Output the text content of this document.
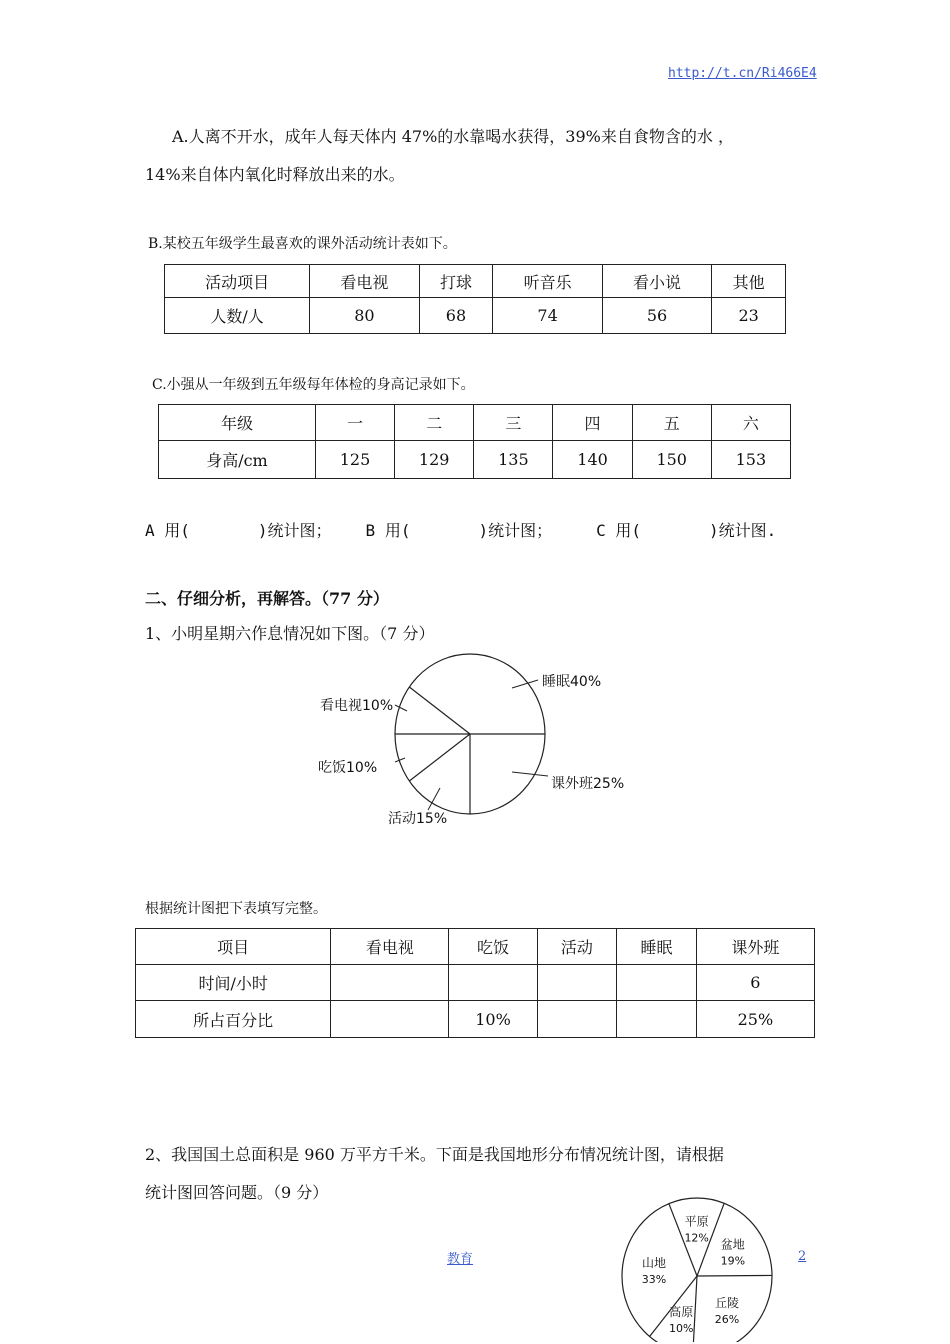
http://t.cn/Ri466E4
A.人离不开水，成年人每天体内 47%的水靠喝水获得，39%来自食物含的水 ，
14%来自体内氧化时释放出来的水。
B.某校五年级学生最喜欢的课外活动统计表如下。
活动项目	看电视	打球	听音乐	看小说	其他
人数/人	80	68	74	56	23
C.小强从一年级到五年级每年体检的身高记录如下。
年级	一	二	三	四	五	六
身高/cm	125	129	135	140	150	153
A 用(	)统计图； B 用(	)统计图；	C 用(	)统计图.
二、仔细分析，再解答。（77 分）
1、小明星期六作息情况如下图。（7 分）
看电视10%
吃饭10%
活动15%
睡眠40%
课外班25%
根据统计图把下表填写完整。
项目	看电视	吃饭	活动	睡眠	课外班
时间/小时					6
所占百分比		10%			25%
2、我国国土总面积是 960 万平方千米。下面是我国地形分布情况统计图，请根据
统计图回答问题。（9 分）
平原
12% 盆地
19%
丘陵
26%
高原
10%
山地
33%
教育	2
